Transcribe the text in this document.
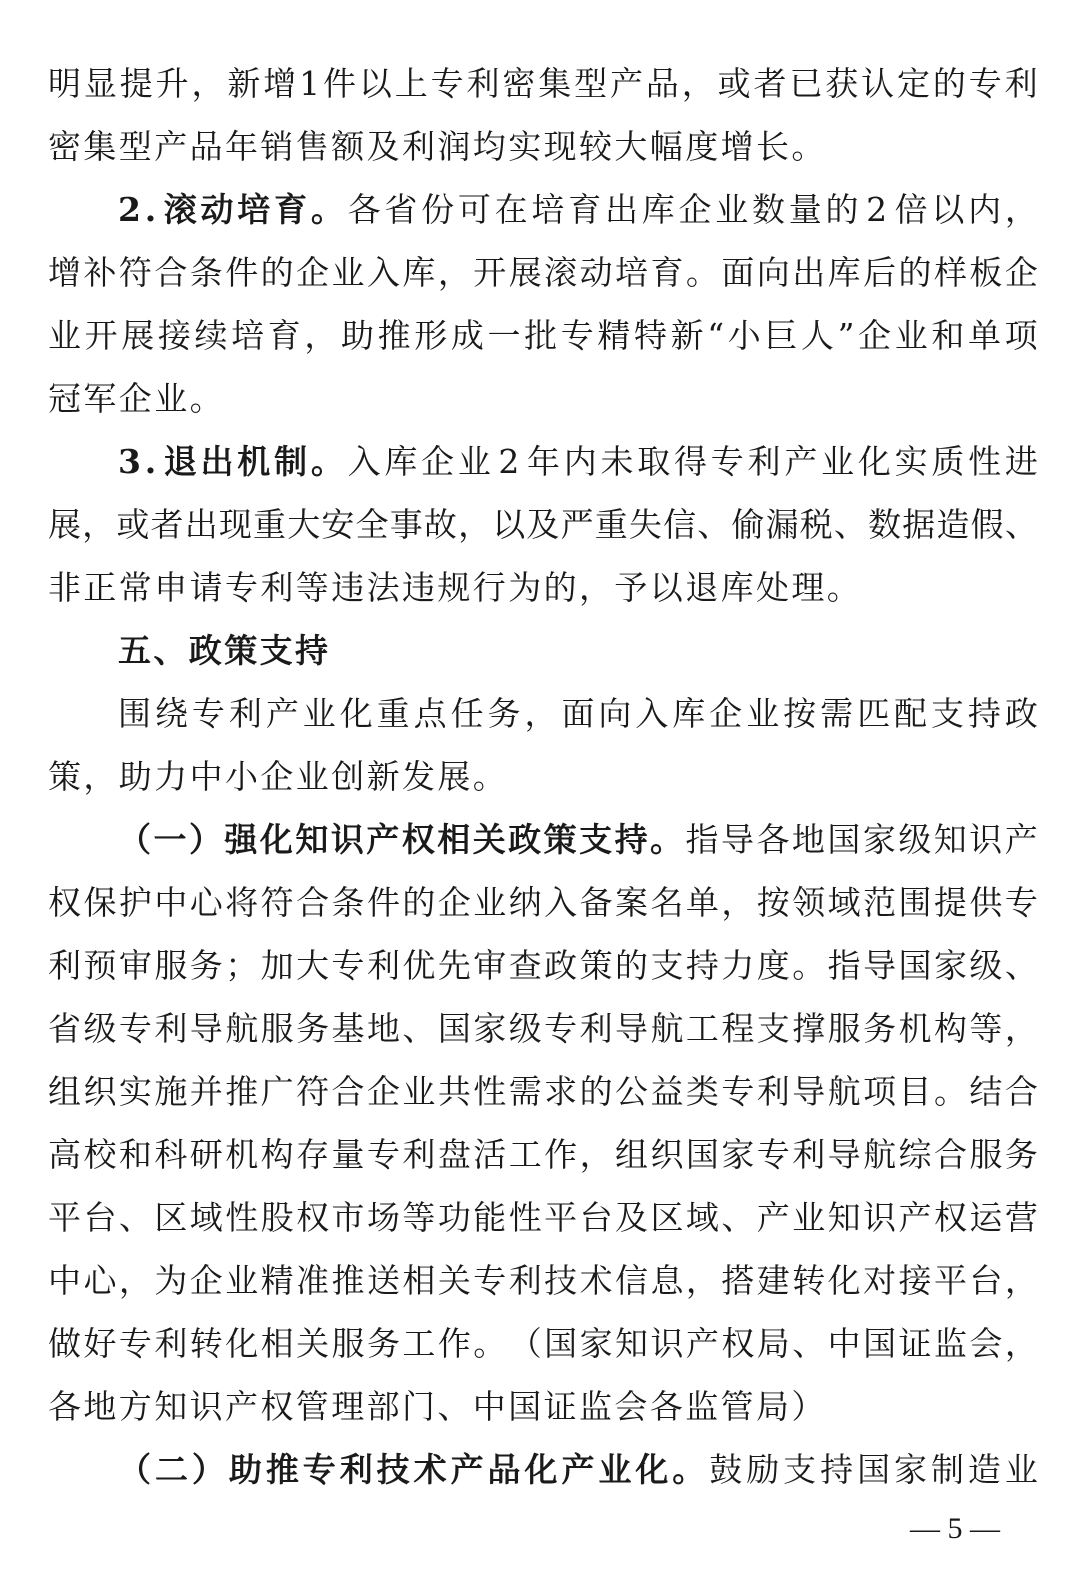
明显提升，新增1件以上专利密集型产品，或者已获认定的专利
密集型产品年销售额及利润均实现较大幅度增长。
2 . 滚 动 培 育 。 各 省 份 可 在 培 育 出 库 企 业 数 量 的 2 倍 以 内 ，
增补符合条件的企业入库，开展滚动培育。面向出库后的样板企
业 开 展 接 续 培 育 ， 助 推 形 成 一 批 专 精 特 新 “ 小 巨 人 ” 企 业 和 单 项
冠军企业。
3 . 退 出 机 制 。 入 库 企 业 2 年 内 未 取 得 专 利 产 业 化 实 质 性 进
展，或者出现重大安全事故，以及严重失信、偷漏税、数据造假、
非正常申请专利等违法违规行为的，予以退库处理。
五、政策支持
围 绕 专 利 产 业 化 重 点 任 务 ， 面 向 入 库 企 业 按 需 匹 配 支 持 政
策，助力中小企业创新发展。
（一）强化知识产权相关政策支持。指导各地国家级知识产
权保护中心将符合条件的企业纳入备案名单，按领域范围提供专
利预审服务；加大专利优先审查政策的支持力度。指导国家级、
省级专利导航服务基地、国家级专利导航工程支撑服务机构等，
组织实施并推广符合企业共性需求的公益类专利导航项目。结合
高校和科研机构存量专利盘活工作，组织国家专利导航综合服务
平台、区域性股权市场等功能性平台及区域、产业知识产权运营
中心，为企业精准推送相关专利技术信息，搭建转化对接平台，
做好专利转化相关服务工作。（国家知识产权局、中国证监会，
各地方知识产权管理部门、中国证监会各监管局）
（ 二 ） 助 推 专 利 技 术 产 品 化 产 业 化 。 鼓 励 支 持 国 家 制 造 业
— 5 —
